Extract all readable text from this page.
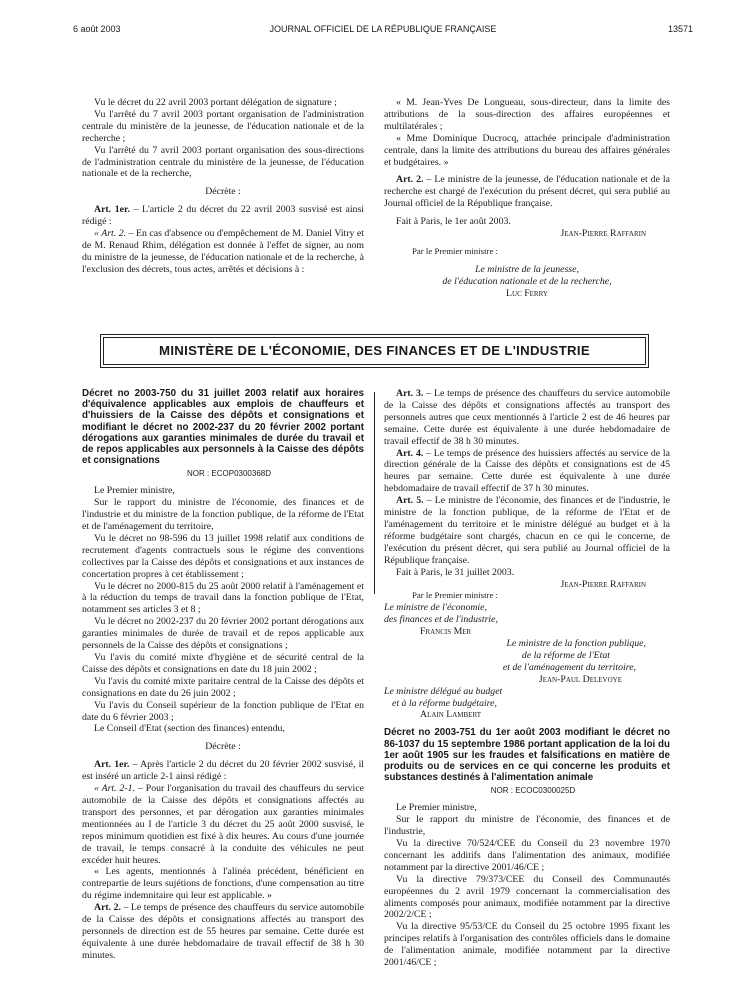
6 août 2003	JOURNAL OFFICIEL DE LA RÉPUBLIQUE FRANÇAISE	13571

Vu le décret du 22 avril 2003 portant délégation de signature ;

Vu l'arrêté du 7 avril 2003 portant organisation de l'administration centrale du ministère de la jeunesse, de l'éducation nationale et de la recherche ;

Vu l'arrêté du 7 avril 2003 portant organisation des sous-directions de l'administration centrale du ministère de la jeunesse, de l'éducation nationale et de la recherche,

Décrète :

Art. 1er. – L'article 2 du décret du 22 avril 2003 susvisé est ainsi rédigé :

« Art. 2. – En cas d'absence ou d'empêchement de M. Daniel Vitry et de M. Renaud Rhim, délégation est donnée à l'effet de signer, au nom du ministre de la jeunesse, de l'éducation nationale et de la recherche, à l'exclusion des décrets, tous actes, arrêtés et décisions à :

« M. Jean-Yves De Longueau, sous-directeur, dans la limite des attributions de la sous-direction des affaires européennes et multilatérales ;

« Mme Dominique Ducrocq, attachée principale d'administration centrale, dans la limite des attributions du bureau des affaires générales et budgétaires. »

Art. 2. – Le ministre de la jeunesse, de l'éducation nationale et de la recherche est chargé de l'exécution du présent décret, qui sera publié au Journal officiel de la République française.

Fait à Paris, le 1er août 2003.

Jean-Pierre Raffarin

Par le Premier ministre :

Le ministre de la jeunesse,

de l'éducation nationale et de la recherche,

Luc Ferry

MINISTÈRE DE L'ÉCONOMIE, DES FINANCES ET DE L'INDUSTRIE

Décret no 2003-750 du 31 juillet 2003 relatif aux horaires d'équivalence applicables aux emplois de chauffeurs et d'huissiers de la Caisse des dépôts et consignations et modifiant le décret no 2002-237 du 20 février 2002 portant dérogations aux garanties minimales de durée du travail et de repos applicables aux personnels à la Caisse des dépôts et consignations

NOR : ECOP0300368D

Le Premier ministre,

Sur le rapport du ministre de l'économie, des finances et de l'industrie et du ministre de la fonction publique, de la réforme de l'Etat et de l'aménagement du territoire,

Vu le décret no 98-596 du 13 juillet 1998 relatif aux conditions de recrutement d'agents contractuels sous le régime des conventions collectives par la Caisse des dépôts et consignations et aux instances de concertation propres à cet établissement ;

Vu le décret no 2000-815 du 25 août 2000 relatif à l'aménagement et à la réduction du temps de travail dans la fonction publique de l'Etat, notamment ses articles 3 et 8 ;

Vu le décret no 2002-237 du 20 février 2002 portant dérogations aux garanties minimales de durée de travail et de repos applicable aux personnels de la Caisse des dépôts et consignations ;

Vu l'avis du comité mixte d'hygiène et de sécurité central de la Caisse des dépôts et consignations en date du 18 juin 2002 ;

Vu l'avis du comité mixte paritaire central de la Caisse des dépôts et consignations en date du 26 juin 2002 ;

Vu l'avis du Conseil supérieur de la fonction publique de l'Etat en date du 6 février 2003 ;

Le Conseil d'Etat (section des finances) entendu,

Décrète :

Art. 1er. – Après l'article 2 du décret du 20 février 2002 susvisé, il est inséré un article 2-1 ainsi rédigé :

« Art. 2-1. – Pour l'organisation du travail des chauffeurs du service automobile de la Caisse des dépôts et consignations affectés au transport des personnes, et par dérogation aux garanties minimales mentionnées au I de l'article 3 du décret du 25 août 2000 susvisé, le repos minimum quotidien est fixé à dix heures. Au cours d'une journée de travail, le temps consacré à la conduite des véhicules ne peut excéder huit heures.

« Les agents, mentionnés à l'alinéa précédent, bénéficient en contrepartie de leurs sujétions de fonctions, d'une compensation au titre du régime indemnitaire qui leur est applicable. »

Art. 2. – Le temps de présence des chauffeurs du service automobile de la Caisse des dépôts et consignations affectés au transport des personnels de direction est de 55 heures par semaine. Cette durée est équivalente à une durée hebdomadaire de travail effectif de 38 h 30 minutes.

Art. 3. – Le temps de présence des chauffeurs du service automobile de la Caisse des dépôts et consignations affectés au transport des personnels autres que ceux mentionnés à l'article 2 est de 46 heures par semaine. Cette durée est équivalente à une durée hebdomadaire de travail effectif de 38 h 30 minutes.

Art. 4. – Le temps de présence des huissiers affectés au service de la direction générale de la Caisse des dépôts et consignations est de 45 heures par semaine. Cette durée est équivalente à une durée hebdomadaire de travail effectif de 37 h 30 minutes.

Art. 5. – Le ministre de l'économie, des finances et de l'industrie, le ministre de la fonction publique, de la réforme de l'Etat et de l'aménagement du territoire et le ministre délégué au budget et à la réforme budgétaire sont chargés, chacun en ce qui le concerne, de l'exécution du présent décret, qui sera publié au Journal officiel de la République française.

Fait à Paris, le 31 juillet 2003.

Jean-Pierre Raffarin

Par le Premier ministre :

Le ministre de l'économie,

des finances et de l'industrie,

Francis Mer

Le ministre de la fonction publique,

de la réforme de l'Etat

et de l'aménagement du territoire,

Jean-Paul Delevoye

Le ministre délégué au budget

et à la réforme budgétaire,

Alain Lambert

Décret no 2003-751 du 1er août 2003 modifiant le décret no 86-1037 du 15 septembre 1986 portant application de la loi du 1er août 1905 sur les fraudes et falsifications en matière de produits ou de services en ce qui concerne les produits et substances destinés à l'alimentation animale

NOR : ECOC0300025D

Le Premier ministre,

Sur le rapport du ministre de l'économie, des finances et de l'industrie,

Vu la directive 70/524/CEE du Conseil du 23 novembre 1970 concernant les additifs dans l'alimentation des animaux, modifiée notamment par la directive 2001/46/CE ;

Vu la directive 79/373/CEE du Conseil des Communautés européennes du 2 avril 1979 concernant la commercialisation des aliments composés pour animaux, modifiée notamment par la directive 2002/2/CE ;

Vu la directive 95/53/CE du Conseil du 25 octobre 1995 fixant les principes relatifs à l'organisation des contrôles officiels dans le domaine de l'alimentation animale, modifiée notamment par la directive 2001/46/CE ;
